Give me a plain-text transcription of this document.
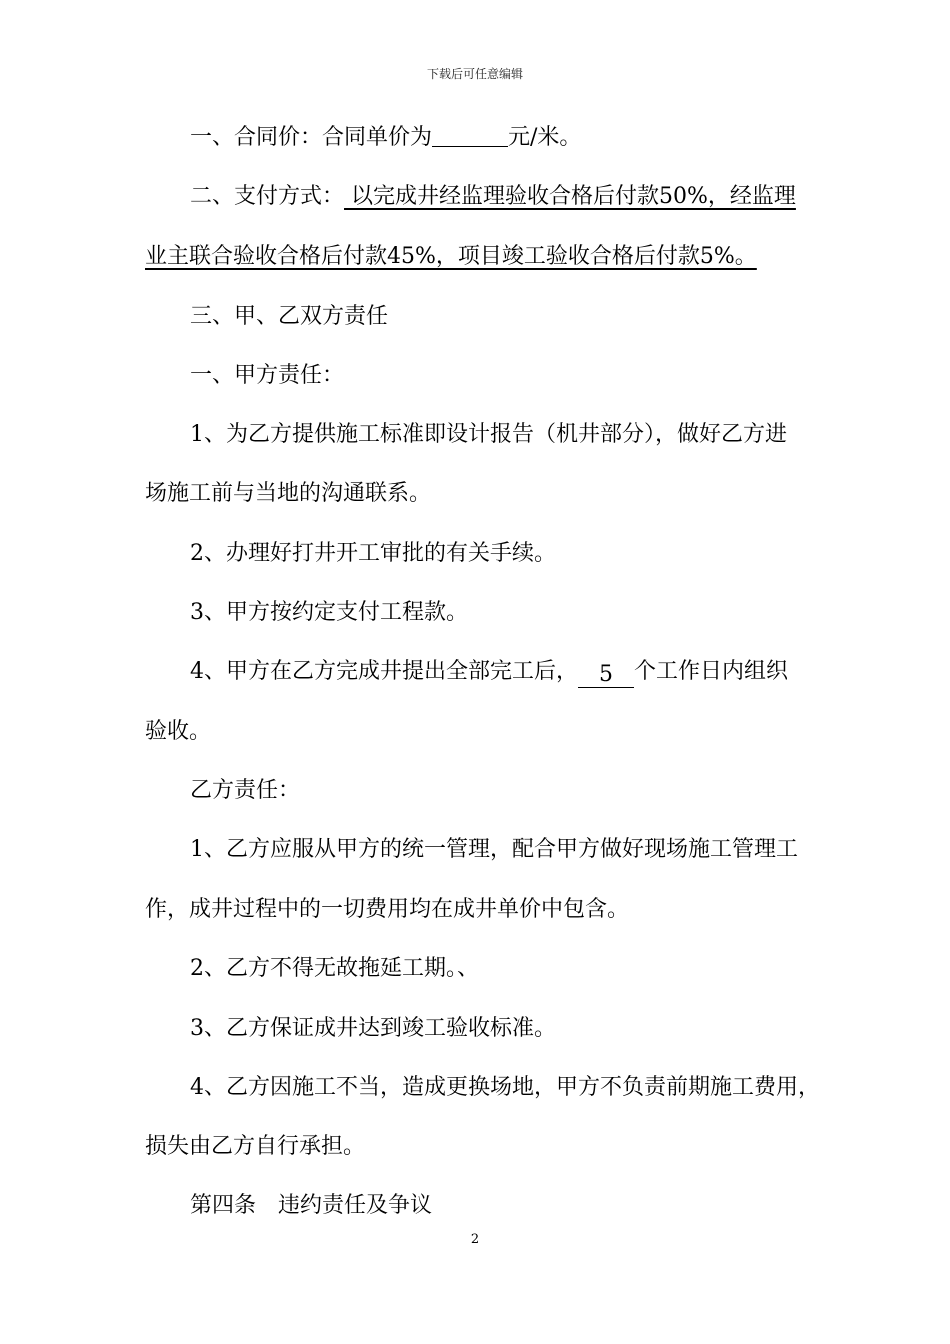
下载后可任意编辑
一、合同价：合同单价为	元/米。
二、支付方式： 以完成井经监理验收合格后付款50%，经监理
业主联合验收合格后付款45%，项目竣工验收合格后付款5%。
三、甲、乙双方责任
一、甲方责任：
1、为乙方提供施工标准即设计报告（机井部分），做好乙方进
场施工前与当地的沟通联系。
2、办理好打井开工审批的有关手续。
3、甲方按约定支付工程款。
4、甲方在乙方完成井提出全部完工后， 5 个工作日内组织
验收。
乙方责任：
1、乙方应服从甲方的统一管理，配合甲方做好现场施工管理工
作，成井过程中的一切费用均在成井单价中包含。
2、乙方不得无故拖延工期。、
3、乙方保证成井达到竣工验收标准。
4、乙方因施工不当，造成更换场地，甲方不负责前期施工费用，
损失由乙方自行承担。
第四条　违约责任及争议
2
